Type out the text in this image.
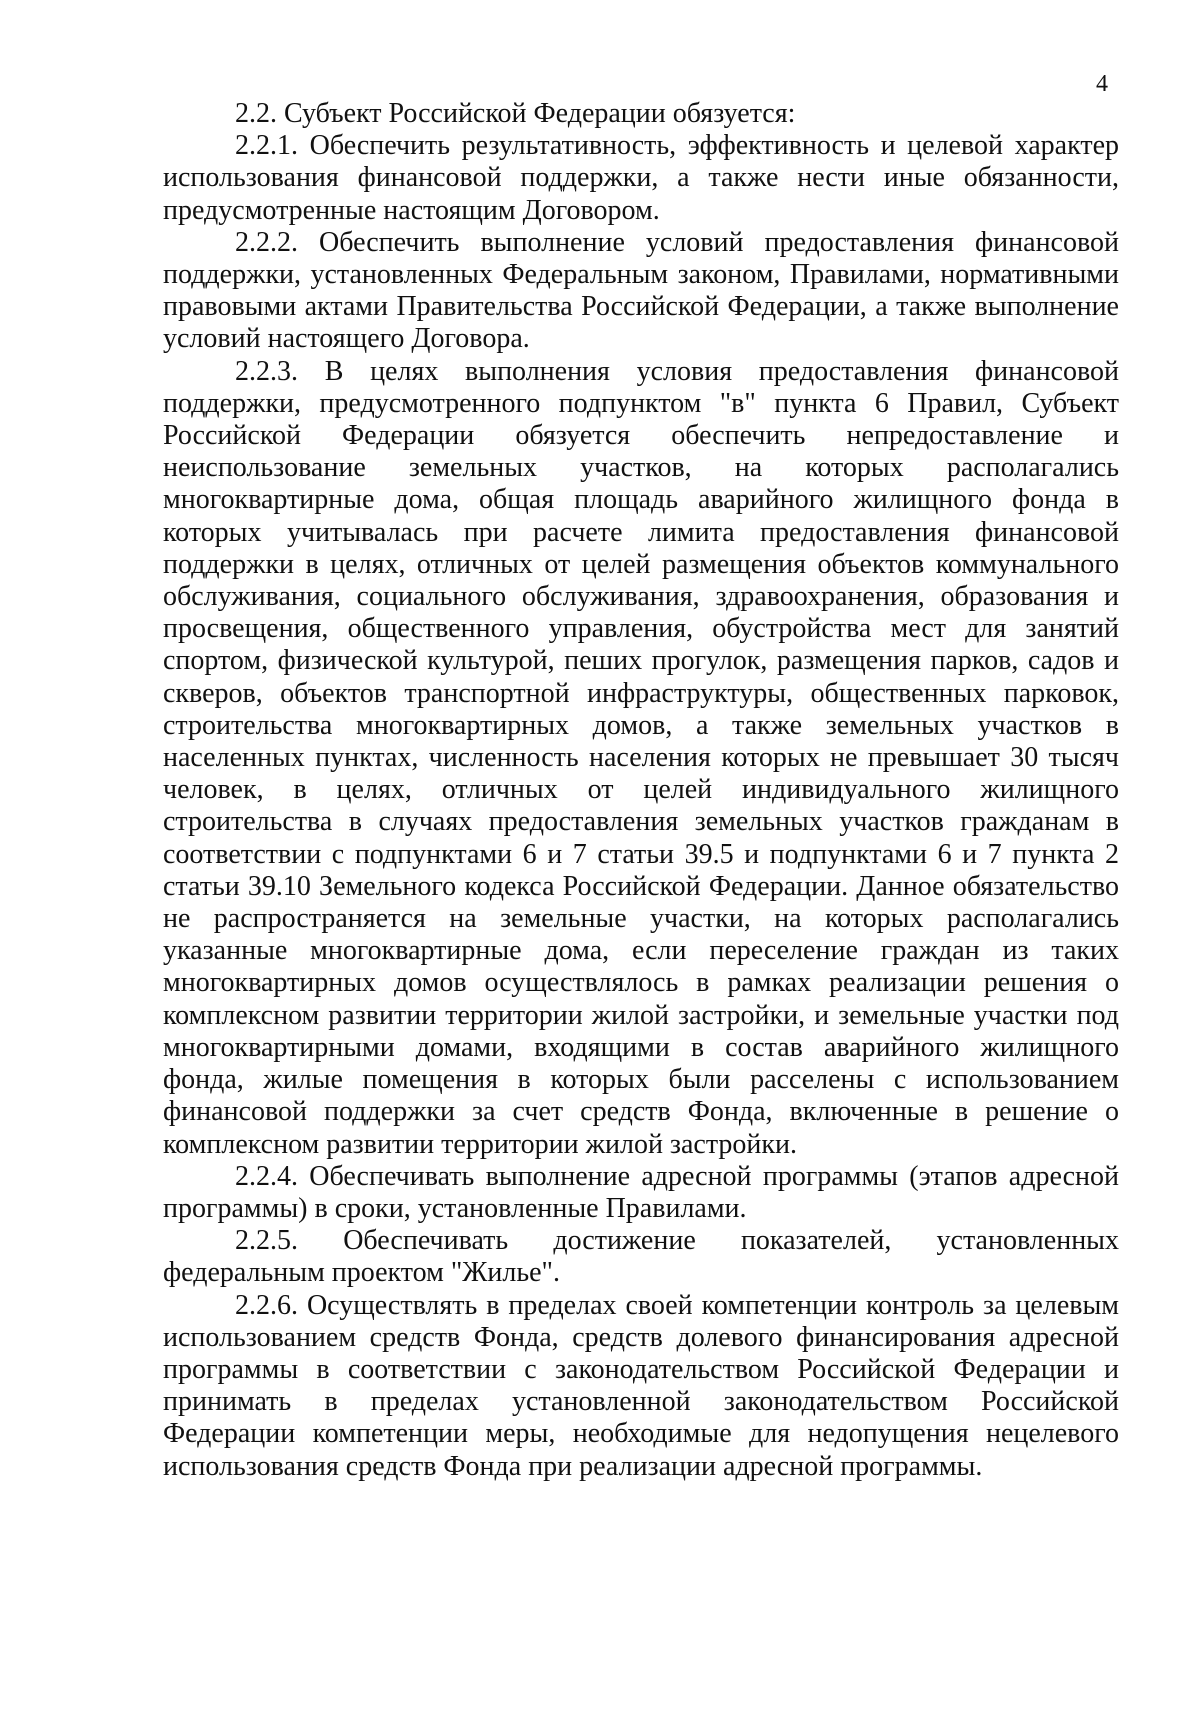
4

2.2. Субъект Российской Федерации обязуется:

2.2.1. Обеспечить результативность, эффективность и целевой характер использования финансовой поддержки, а также нести иные обязанности, предусмотренные настоящим Договором.

2.2.2. Обеспечить выполнение условий предоставления финансовой поддержки, установленных Федеральным законом, Правилами, нормативными правовыми актами Правительства Российской Федерации, а также выполнение условий настоящего Договора.

2.2.3. В целях выполнения условия предоставления финансовой поддержки, предусмотренного подпунктом "в" пункта 6 Правил, Субъект Российской Федерации обязуется обеспечить непредоставление и неиспользование земельных участков, на которых располагались многоквартирные дома, общая площадь аварийного жилищного фонда в которых учитывалась при расчете лимита предоставления финансовой поддержки в целях, отличных от целей размещения объектов коммунального обслуживания, социального обслуживания, здравоохранения, образования и просвещения, общественного управления, обустройства мест для занятий спортом, физической культурой, пеших прогулок, размещения парков, садов и скверов, объектов транспортной инфраструктуры, общественных парковок, строительства многоквартирных домов, а также земельных участков в населенных пунктах, численность населения которых не превышает 30 тысяч человек, в целях, отличных от целей индивидуального жилищного строительства в случаях предоставления земельных участков гражданам в соответствии с подпунктами 6 и 7 статьи 39.5 и подпунктами 6 и 7 пункта 2 статьи 39.10 Земельного кодекса Российской Федерации. Данное обязательство не распространяется на земельные участки, на которых располагались указанные многоквартирные дома, если переселение граждан из таких многоквартирных домов осуществлялось в рамках реализации решения о комплексном развитии территории жилой застройки, и земельные участки под многоквартирными домами, входящими в состав аварийного жилищного фонда, жилые помещения в которых были расселены с использованием финансовой поддержки за счет средств Фонда, включенные в решение о комплексном развитии территории жилой застройки.

2.2.4. Обеспечивать выполнение адресной программы (этапов адресной программы) в сроки, установленные Правилами.

2.2.5. Обеспечивать достижение показателей, установленных федеральным проектом "Жилье".

2.2.6. Осуществлять в пределах своей компетенции контроль за целевым использованием средств Фонда, средств долевого финансирования адресной программы в соответствии с законодательством Российской Федерации и принимать в пределах установленной законодательством Российской Федерации компетенции меры, необходимые для недопущения нецелевого использования средств Фонда при реализации адресной программы.
